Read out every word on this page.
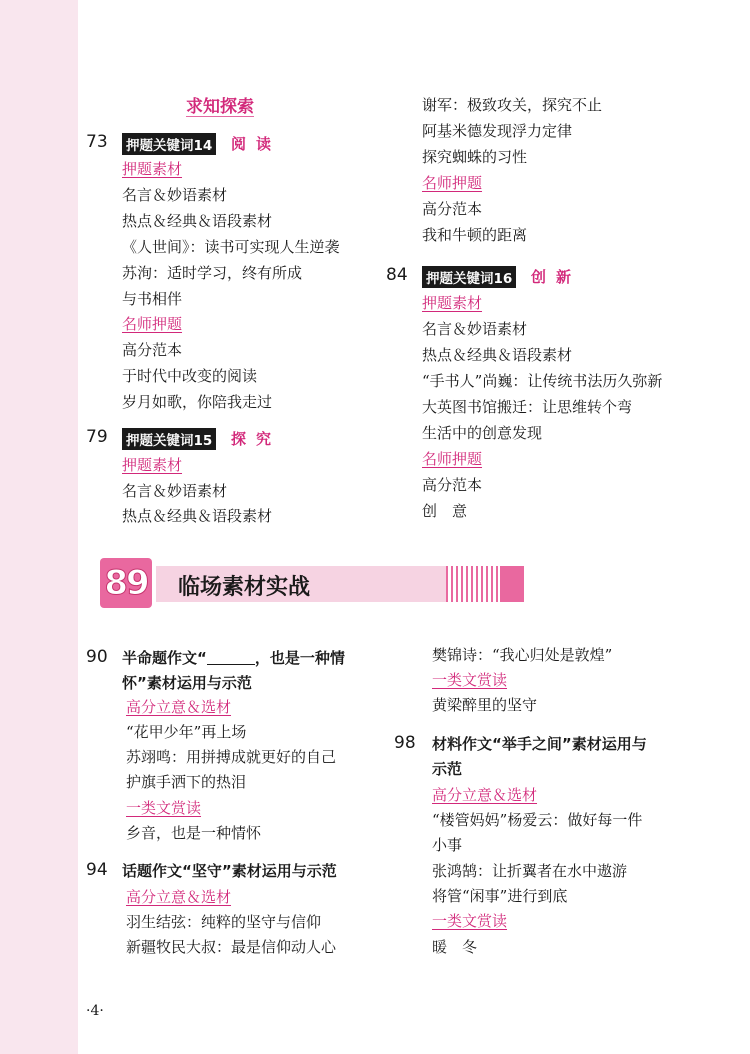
求知探索
73 押题关键词14 阅读
押题素材
名言＆妙语素材
热点＆经典＆语段素材
《人世间》：读书可实现人生逆袭
苏洵：适时学习，终有所成
与书相伴
名师押题
高分范本
于时代中改变的阅读
岁月如歌，你陪我走过
79 押题关键词15 探究
押题素材
名言＆妙语素材
热点＆经典＆语段素材
谢军：极致攻关，探究不止
阿基米德发现浮力定律
探究蜘蛛的习性
名师押题
高分范本
我和牛顿的距离
84 押题关键词16 创新
押题素材
名言＆妙语素材
热点＆经典＆语段素材
“手书人”尚巍：让传统书法历久弥新
大英图书馆搬迁：让思维转个弯
生活中的创意发现
名师押题
高分范本
创　意
89 临场素材实战
90 半命题作文“	，也是一种情
怀”素材运用与示范
高分立意＆选材
“花甲少年”再上场
苏翊鸣：用拼搏成就更好的自己
护旗手洒下的热泪
一类文赏读
乡音，也是一种情怀
94 话题作文“坚守”素材运用与示范
高分立意＆选材
羽生结弦：纯粹的坚守与信仰
新疆牧民大叔：最是信仰动人心
樊锦诗：“我心归处是敦煌”
一类文赏读
黄梁醉里的坚守
98 材料作文“举手之间”素材运用与
示范
高分立意＆选材
“楼管妈妈”杨爱云：做好每一件
小事
张鸿鹄：让折翼者在水中遨游
将管“闲事”进行到底
一类文赏读
暖　冬
·4·
